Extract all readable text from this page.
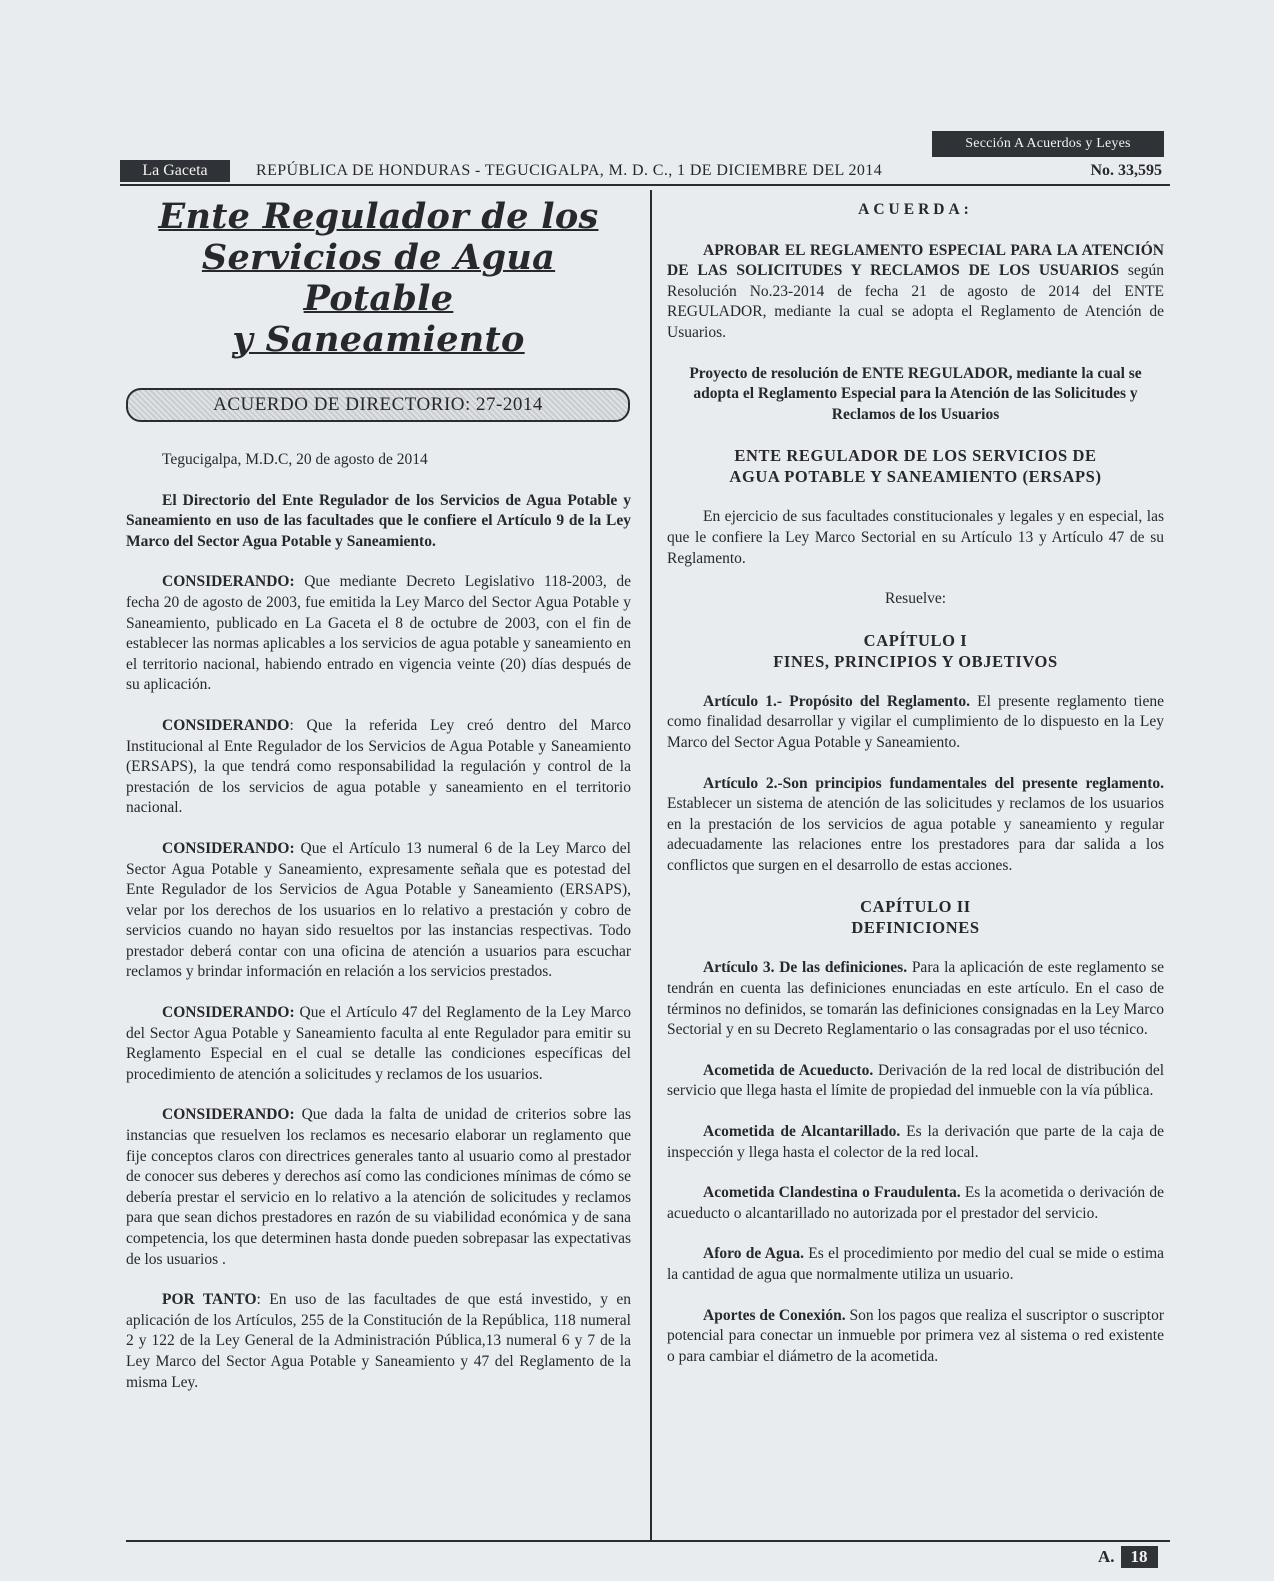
Sección A Acuerdos y Leyes
La Gaceta	REPÚBLICA DE HONDURAS - TEGUCIGALPA, M. D. C., 1 DE DICIEMBRE DEL 2014	No. 33,595
Ente Regulador de los
Servicios de Agua Potable
y Saneamiento
ACUERDO DE DIRECTORIO: 27-2014

Tegucigalpa, M.D.C, 20 de agosto de 2014

El Directorio del Ente Regulador de los Servicios de Agua Potable y Saneamiento en uso de las facultades que le confiere el Artículo 9 de la Ley Marco del Sector Agua Potable y Saneamiento.

CONSIDERANDO: Que mediante Decreto Legislativo 118-2003, de fecha 20 de agosto de 2003, fue emitida la Ley Marco del Sector Agua Potable y Saneamiento, publicado en La Gaceta el 8 de octubre de 2003, con el fin de establecer las normas aplicables a los servicios de agua potable y saneamiento en el territorio nacional, habiendo entrado en vigencia veinte (20) días después de su aplicación.

CONSIDERANDO: Que la referida Ley creó dentro del Marco Institucional al Ente Regulador de los Servicios de Agua Potable y Saneamiento (ERSAPS), la que tendrá como responsabilidad la regulación y control de la prestación de los servicios de agua potable y saneamiento en el territorio nacional.

CONSIDERANDO: Que el Artículo 13 numeral 6 de la Ley Marco del Sector Agua Potable y Saneamiento, expresamente señala que es potestad del Ente Regulador de los Servicios de Agua Potable y Saneamiento (ERSAPS), velar por los derechos de los usuarios en lo relativo a prestación y cobro de servicios cuando no hayan sido resueltos por las instancias respectivas. Todo prestador deberá contar con una oficina de atención a usuarios para escuchar reclamos y brindar información en relación a los servicios prestados.

CONSIDERANDO: Que el Artículo 47 del Reglamento de la Ley Marco del Sector Agua Potable y Saneamiento faculta al ente Regulador para emitir su Reglamento Especial en el cual se detalle las condiciones específicas del procedimiento de atención a solicitudes y reclamos de los usuarios.

CONSIDERANDO: Que dada la falta de unidad de criterios sobre las instancias que resuelven los reclamos es necesario elaborar un reglamento que fije conceptos claros con directrices generales tanto al usuario como al prestador de conocer sus deberes y derechos así como las condiciones mínimas de cómo se debería prestar el servicio en lo relativo a la atención de solicitudes y reclamos para que sean dichos prestadores en razón de su viabilidad económica y de sana competencia, los que determinen hasta donde pueden sobrepasar las expectativas de los usuarios .

POR TANTO: En uso de las facultades de que está investido, y en aplicación de los Artículos, 255 de la Constitución de la República, 118 numeral 2 y 122 de la Ley General de la Administración Pública,13 numeral 6 y 7 de la Ley Marco del Sector Agua Potable y Saneamiento y 47 del Reglamento de la misma Ley.

ACUERDA:

APROBAR EL REGLAMENTO ESPECIAL PARA LA ATENCIÓN DE LAS SOLICITUDES Y RECLAMOS DE LOS USUARIOS según Resolución No.23-2014 de fecha 21 de agosto de 2014 del ENTE REGULADOR, mediante la cual se adopta el Reglamento de Atención de Usuarios.

Proyecto de resolución de ENTE REGULADOR, mediante la cual se adopta el Reglamento Especial para la Atención de las Solicitudes y Reclamos de los Usuarios

ENTE REGULADOR DE LOS SERVICIOS DE
AGUA POTABLE Y SANEAMIENTO (ERSAPS)

En ejercicio de sus facultades constitucionales y legales y en especial, las que le confiere la Ley Marco Sectorial en su Artículo 13 y Artículo 47 de su Reglamento.

Resuelve:

CAPÍTULO I
FINES, PRINCIPIOS Y OBJETIVOS

Artículo 1.- Propósito del Reglamento. El presente reglamento tiene como finalidad desarrollar y vigilar el cumplimiento de lo dispuesto en la Ley Marco del Sector Agua Potable y Saneamiento.

Artículo 2.-Son principios fundamentales del presente reglamento. Establecer un sistema de atención de las solicitudes y reclamos de los usuarios en la prestación de los servicios de agua potable y saneamiento y regular adecuadamente las relaciones entre los prestadores para dar salida a los conflictos que surgen en el desarrollo de estas acciones.

CAPÍTULO II
DEFINICIONES

Artículo 3. De las definiciones. Para la aplicación de este reglamento se tendrán en cuenta las definiciones enunciadas en este artículo. En el caso de términos no definidos, se tomarán las definiciones consignadas en la Ley Marco Sectorial y en su Decreto Reglamentario o las consagradas por el uso técnico.

Acometida de Acueducto. Derivación de la red local de distribución del servicio que llega hasta el límite de propiedad del inmueble con la vía pública.

Acometida de Alcantarillado. Es la derivación que parte de la caja de inspección y llega hasta el colector de la red local.

Acometida Clandestina o Fraudulenta. Es la acometida o derivación de acueducto o alcantarillado no autorizada por el prestador del servicio.

Aforo de Agua. Es el procedimiento por medio del cual se mide o estima la cantidad de agua que normalmente utiliza un usuario.

Aportes de Conexión. Son los pagos que realiza el suscriptor o suscriptor potencial para conectar un inmueble por primera vez al sistema o red existente o para cambiar el diámetro de la acometida.

A. 18
